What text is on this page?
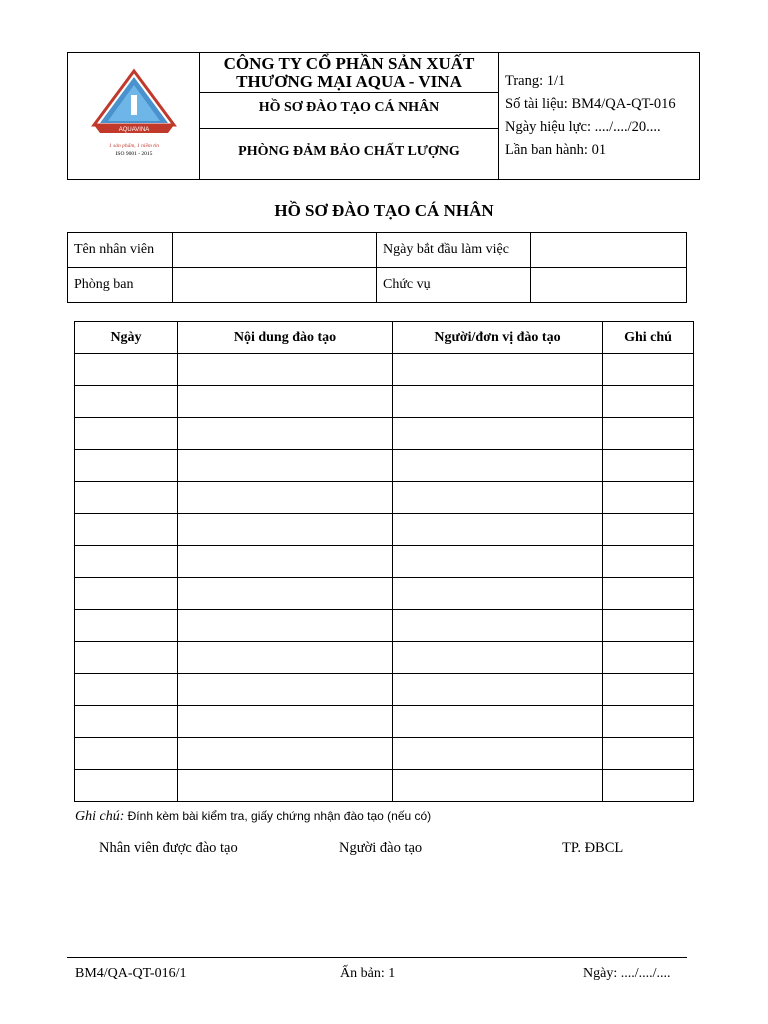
AQUAVINA
1 sản phẩm, 1 niềm tin
ISO 9001 - 2015
CÔNG TY CỔ PHẦN SẢN XUẤT
THƯƠNG MẠI AQUA - VINA
HỒ SƠ ĐÀO TẠO CÁ NHÂN
PHÒNG ĐẢM BẢO CHẤT LƯỢNG
Trang: 1/1
Số tài liệu: BM4/QA-QT-016
Ngày hiệu lực: ..../..../20....
Lần ban hành: 01
HỒ SƠ ĐÀO TẠO CÁ NHÂN
Tên nhân viên		Ngày bắt đầu làm việc	
Phòng ban		Chức vụ	
Ngày	Nội dung đào tạo	Người/đơn vị đào tạo	Ghi chú

Ghi chú: Đính kèm bài kiểm tra, giấy chứng nhận đào tạo (nếu có)
Nhân viên được đào tạo	Người đào tạo	TP. ĐBCL
BM4/QA-QT-016/1	Ấn bản: 1	Ngày: ..../..../....
